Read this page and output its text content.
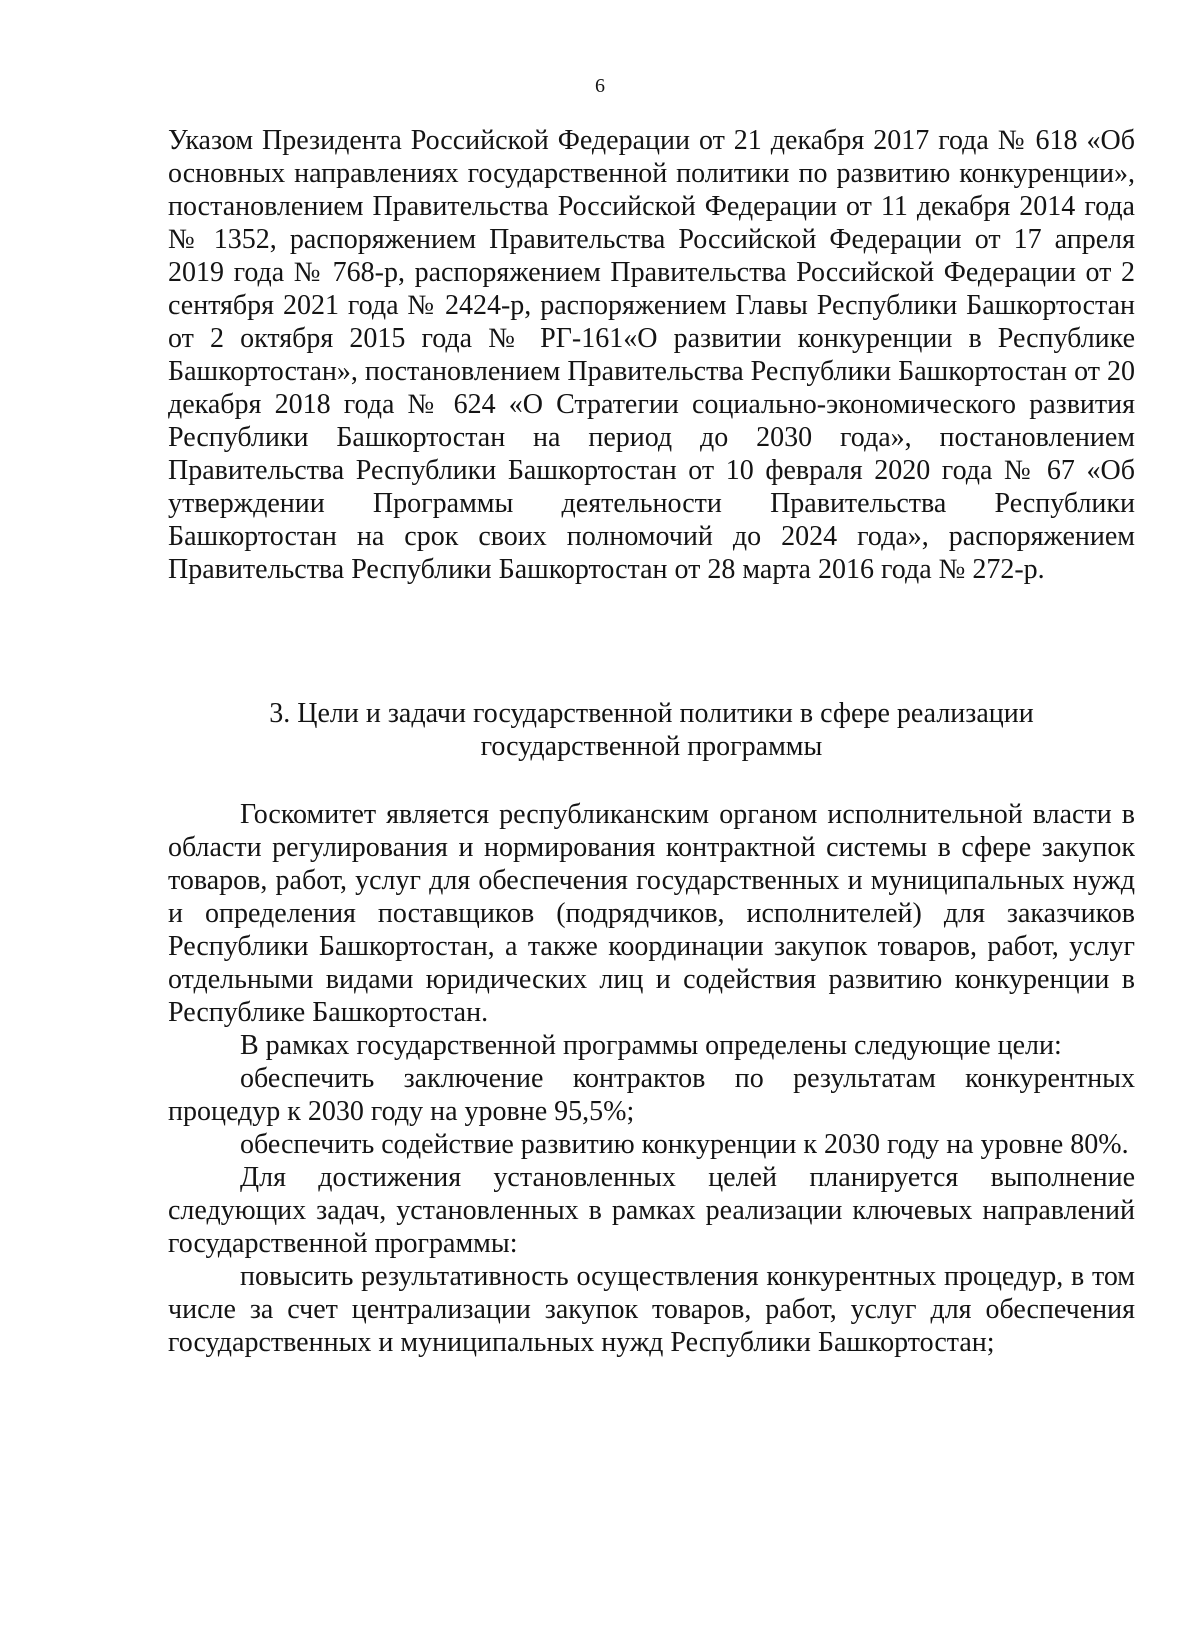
6

Указом Президента Российской Федерации от 21 декабря 2017 года № 618 «Об основных направлениях государственной политики по развитию конкуренции», постановлением Правительства Российской Федерации от 11 декабря 2014 года № 1352, распоряжением Правительства Российской Федерации от 17 апреля 2019 года № 768-р, распоряжением Правительства Российской Федерации от 2 сентября 2021 года № 2424-р, распоряжением Главы Республики Башкортостан от 2 октября 2015 года № РГ-161«О развитии конкуренции в Республике Башкортостан», постановлением Правительства Республики Башкортостан от 20 декабря 2018 года № 624 «О Стратегии социально-экономического развития Республики Башкортостан на период до 2030 года», постановлением Правительства Республики Башкортостан от 10 февраля 2020 года № 67 «Об утверждении Программы деятельности Правительства Республики Башкортостан на срок своих полномочий до 2024 года», распоряжением Правительства Республики Башкортостан от 28 марта 2016 года № 272-р.

3. Цели и задачи государственной политики в сфере реализации
государственной программы

Госкомитет является республиканским органом исполнительной власти в области регулирования и нормирования контрактной системы в сфере закупок товаров, работ, услуг для обеспечения государственных и муниципальных нужд и определения поставщиков (подрядчиков, исполнителей) для заказчиков Республики Башкортостан, а также координации закупок товаров, работ, услуг отдельными видами юридических лиц и содействия развитию конкуренции в Республике Башкортостан.

В рамках государственной программы определены следующие цели:

обеспечить заключение контрактов по результатам конкурентных процедур к 2030 году на уровне 95,5%;

обеспечить содействие развитию конкуренции к 2030 году на уровне 80%.

Для достижения установленных целей планируется выполнение следующих задач, установленных в рамках реализации ключевых направлений государственной программы:

повысить результативность осуществления конкурентных процедур, в том числе за счет централизации закупок товаров, работ, услуг для обеспечения государственных и муниципальных нужд Республики Башкортостан;
